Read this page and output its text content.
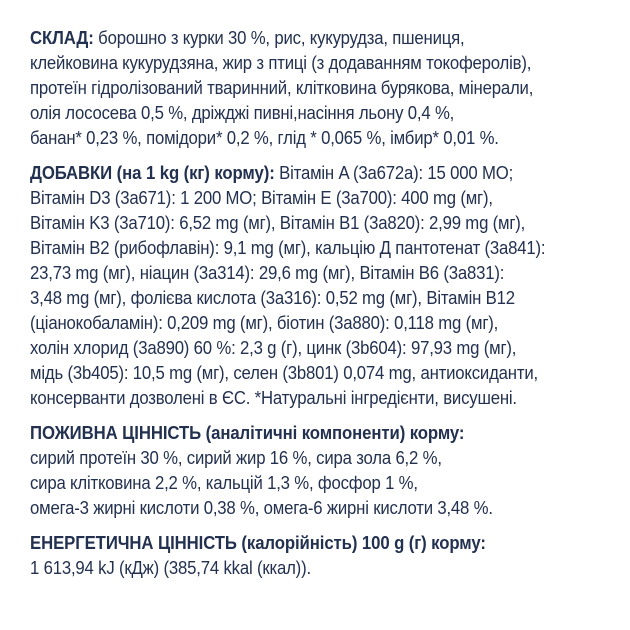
СКЛАД: борошно з курки 30 %, рис, кукурудза, пшениця,
клейковина кукурудзяна, жир з птиці (з додаванням токоферолів),
протеїн гідролізований тваринний, клітковина бурякова, мінерали,
олія лососева 0,5 %, дріжджі пивні,насіння льону 0,4 %,
банан* 0,23 %, помідори* 0,2 %, глід * 0,065 %, імбир* 0,01 %.
ДОБАВКИ (на 1 kg (кг) корму): Вітамін A (3a672a): 15 000 МО;
Вітамін D3 (3a671): 1 200 МО; Вітамін E (3a700): 400 mg (мг),
Вітамін K3 (3a710): 6,52 mg (мг), Вітамін B1 (3a820): 2,99 mg (мг),
Вітамін B2 (рибофлавін): 9,1 mg (мг), кальцію Д пантотенат (3a841):
23,73 mg (мг), ніацин (3a314): 29,6 mg (мг), Вітамін B6 (3a831):
3,48 mg (мг), фолієва кислота (3a316): 0,52 mg (мг), Вітамін B12
(ціанокобаламін): 0,209 mg (мг), біотин (3a880): 0,118 mg (мг),
холін хлорид (3a890) 60 %: 2,3 g (г), цинк (3b604): 97,93 mg (мг),
мідь (3b405): 10,5 mg (мг), селен (3b801) 0,074 mg, антиоксиданти,
консерванти дозволені в ЄС. *Натуральні інгредієнти, висушені.
ПОЖИВНА ЦІННІСТЬ (аналітичні компоненти) корму:
сирий протеїн 30 %, сирий жир 16 %, сира зола 6,2 %,
сира клітковина 2,2 %, кальцій 1,3 %, фосфор 1 %,
омега-3 жирні кислоти 0,38 %, омега-6 жирні кислоти 3,48 %.
ЕНЕРГЕТИЧНА ЦІННІСТЬ (калорійність) 100 g (г) корму:
1 613,94 kJ (кДж) (385,74 kkal (ккал)).
